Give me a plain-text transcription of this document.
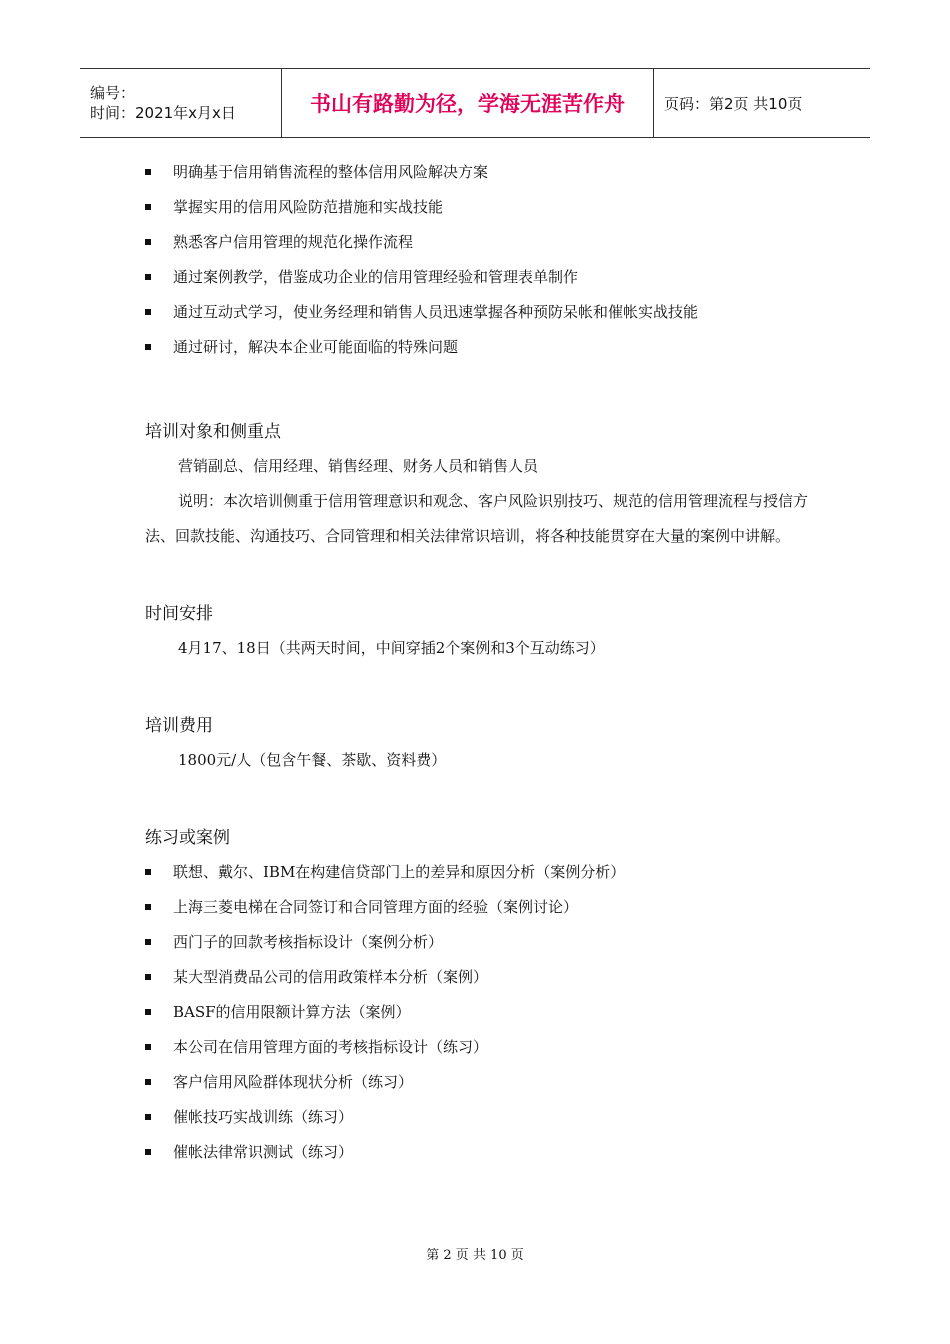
编号：
时间：2021年x月x日	书山有路勤为径，学海无涯苦作舟	页码：第2页 共10页
明确基于信用销售流程的整体信用风险解决方案
掌握实用的信用风险防范措施和实战技能
熟悉客户信用管理的规范化操作流程
通过案例教学，借鉴成功企业的信用管理经验和管理表单制作
通过互动式学习，使业务经理和销售人员迅速掌握各种预防呆帐和催帐实战技能
通过研讨，解决本企业可能面临的特殊问题
培训对象和侧重点
营销副总、信用经理、销售经理、财务人员和销售人员

说明：本次培训侧重于信用管理意识和观念、客户风险识别技巧、规范的信用管理流程与授信方法、回款技能、沟通技巧、合同管理和相关法律常识培训，将各种技能贯穿在大量的案例中讲解。

时间安排
4月17、18日（共两天时间，中间穿插2个案例和3个互动练习）
培训费用
1800元/人（包含午餐、茶歇、资料费）
练习或案例
联想、戴尔、IBM在构建信贷部门上的差异和原因分析（案例分析）
上海三菱电梯在合同签订和合同管理方面的经验（案例讨论）
西门子的回款考核指标设计（案例分析）
某大型消费品公司的信用政策样本分析（案例）
BASF的信用限额计算方法（案例）
本公司在信用管理方面的考核指标设计（练习）
客户信用风险群体现状分析（练习）
催帐技巧实战训练（练习）
催帐法律常识测试（练习）
第 2 页 共 10 页
